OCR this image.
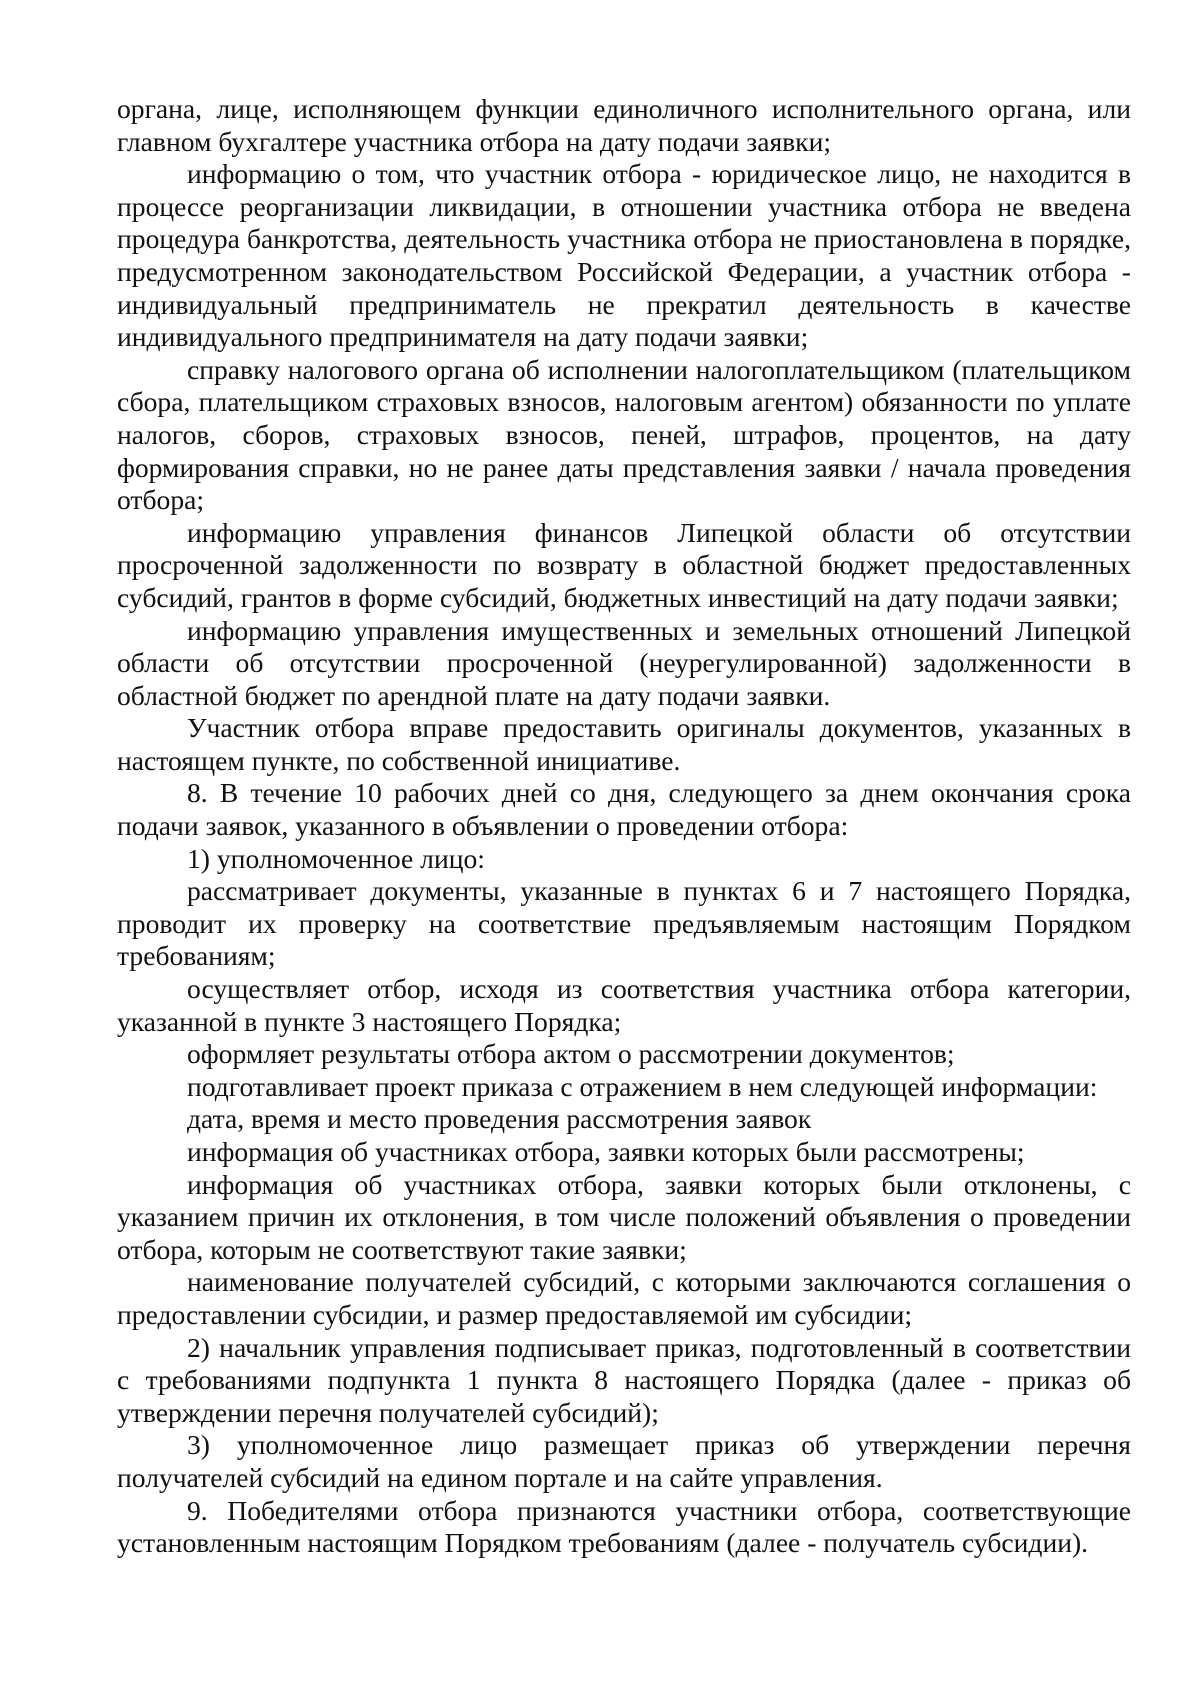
органа, лице, исполняющем функции единоличного исполнительного органа, или главном бухгалтере участника отбора на дату подачи заявки;

информацию о том, что участник отбора - юридическое лицо, не находится в процессе реорганизации ликвидации, в отношении участника отбора не введена процедура банкротства, деятельность участника отбора не приостановлена в порядке, предусмотренном законодательством Российской Федерации, а участник отбора - индивидуальный предприниматель не прекратил деятельность в качестве индивидуального предпринимателя на дату подачи заявки;

справку налогового органа об исполнении налогоплательщиком (плательщиком сбора, плательщиком страховых взносов, налоговым агентом) обязанности по уплате налогов, сборов, страховых взносов, пеней, штрафов, процентов, на дату формирования справки, но не ранее даты представления заявки / начала проведения отбора;

информацию управления финансов Липецкой области об отсутствии просроченной задолженности по возврату в областной бюджет предоставленных субсидий, грантов в форме субсидий, бюджетных инвестиций на дату подачи заявки;

информацию управления имущественных и земельных отношений Липецкой области об отсутствии просроченной (неурегулированной) задолженности в областной бюджет по арендной плате на дату подачи заявки.

Участник отбора вправе предоставить оригиналы документов, указанных в настоящем пункте, по собственной инициативе.

8. В течение 10 рабочих дней со дня, следующего за днем окончания срока подачи заявок, указанного в объявлении о проведении отбора:

1) уполномоченное лицо:

рассматривает документы, указанные в пунктах 6 и 7 настоящего Порядка, проводит их проверку на соответствие предъявляемым настоящим Порядком требованиям;

осуществляет отбор, исходя из соответствия участника отбора категории, указанной в пункте 3 настоящего Порядка;

оформляет результаты отбора актом о рассмотрении документов;

подготавливает проект приказа с отражением в нем следующей информации:

дата, время и место проведения рассмотрения заявок

информация об участниках отбора, заявки которых были рассмотрены;

информация об участниках отбора, заявки которых были отклонены, с указанием причин их отклонения, в том числе положений объявления о проведении отбора, которым не соответствуют такие заявки;

наименование получателей субсидий, с которыми заключаются соглашения о предоставлении субсидии, и размер предоставляемой им субсидии;

2) начальник управления подписывает приказ, подготовленный в соответствии с требованиями подпункта 1 пункта 8 настоящего Порядка (далее - приказ об утверждении перечня получателей субсидий);

3) уполномоченное лицо размещает приказ об утверждении перечня получателей субсидий на едином портале и на сайте управления.

9. Победителями отбора признаются участники отбора, соответствующие установленным настоящим Порядком требованиям (далее - получатель субсидии).
